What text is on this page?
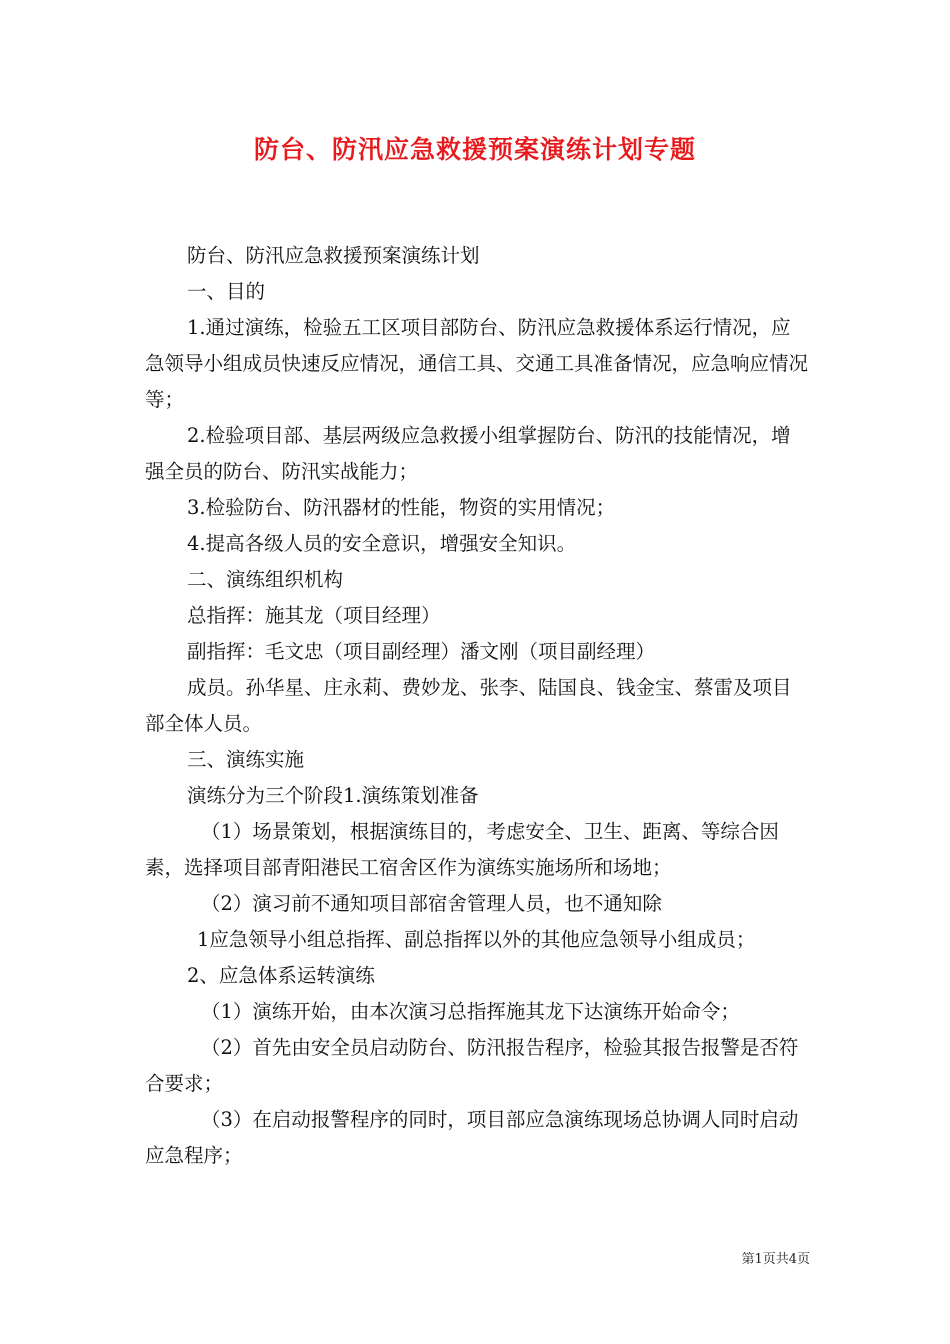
防台、防汛应急救援预案演练计划专题

防台、防汛应急救援预案演练计划

一、目的

1.通过演练，检验五工区项目部防台、防汛应急救援体系运行情况，应急领导小组成员快速反应情况，通信工具、交通工具准备情况，应急响应情况等；

2.检验项目部、基层两级应急救援小组掌握防台、防汛的技能情况，增强全员的防台、防汛实战能力；

3.检验防台、防汛器材的性能，物资的实用情况；

4.提高各级人员的安全意识，增强安全知识。

二、演练组织机构

总指挥：施其龙（项目经理）

副指挥：毛文忠（项目副经理）潘文刚（项目副经理）

成员。孙华星、庄永莉、费妙龙、张李、陆国良、钱金宝、蔡雷及项目部全体人员。

三、演练实施

演练分为三个阶段1.演练策划准备

（1）场景策划，根据演练目的，考虑安全、卫生、距离、等综合因素，选择项目部青阳港民工宿舍区作为演练实施场所和场地；

（2）演习前不通知项目部宿舍管理人员，也不通知除

1应急领导小组总指挥、副总指挥以外的其他应急领导小组成员；

2、应急体系运转演练

（1）演练开始，由本次演习总指挥施其龙下达演练开始命令；

（2）首先由安全员启动防台、防汛报告程序，检验其报告报警是否符合要求；

（3）在启动报警程序的同时，项目部应急演练现场总协调人同时启动应急程序；

第1页共4页
